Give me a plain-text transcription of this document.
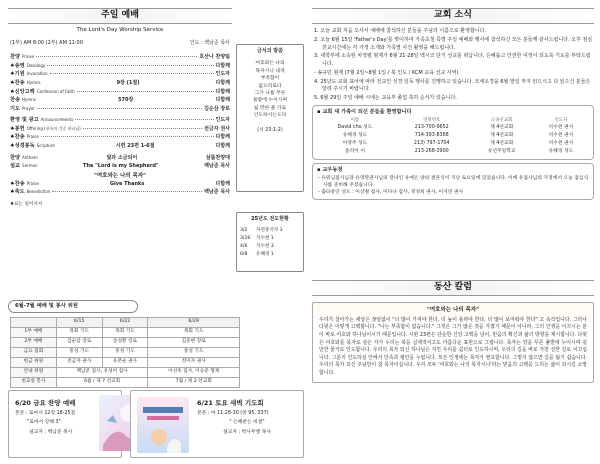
주일 예배
The Lord's Day Worship Service
(1부) AM 8:00 (2부) AM 11:00	인도 : 백남준 목사
찬양 Praise	호산나 찬양팀
♠송영 Doxology	다함께
♠기원 Invocation	인도자
♠찬송 Hymns	9장 (1절)	다함께
♠신앙고백 Confession of Faith	다함께
찬송 Hymns	570장	다함께
기도 Prayer	김순삼 장로
환영 및 광고 Announcements	인도자
♠봉헌 Offering (헌록의 간증 하나님)	전금자 권사
♠찬송 Praise	다함께
♠성경봉독 Scripture	시편 23편 1-6절	다함께
찬양 Anthem	빛과 소금되어	살롬찬양대
설교 Sermon	The "Lord is my Shepherd"	백남준 목사
"여호와는 나의 목자"
♠찬송 Praise	Give Thanks	다함께
♠축도 Benediction	백남준 목사
♠표는 일어서서
금식의 말씀
여호와는 나의
목자시니 내게
부족함이
없으리로다
그가 나를 푸른
풀밭에 누이시며
쉴 만한 물 가로
인도하시는도다
(시 23:1-2)
25년도 전도현황
3/2	자전충석자 3
3/16	석수천 1
4/6	석수천 3
6/8	유혜경 1
6월-7월 예배 및 봉사 위원
	6/15	6/22	6/29
1부 예배	목회 기도	목회 기도	목회 기도
2부 예배	김순삼 장로	송성환 장로	김준현 장로
금요 집회	통성 기도	통성 기도	통성 기도
헌금 위원	전금자 권사	유분순 권사	정미자 권사
안내 위원	백남준 집사, 유성미 집사		이선옥 집사, 이승준 형제
친교실 봉사	6월 / 제 7 선교회		7월 / 제 2 선교회
6/20 금요 찬양 예배
본문 : 로마서 12장 18-25절
"로마서 강해 3"
설교자 : 백남준 목사
6/21 토요 새벽 기도회
본문 : 마 11:28-30 (찬 95, 337)
" 은혜받는 비결"
설교자 : 박사무엘 목사
교회 소식
1. 오늘 교회 처음 오셔서 예배에 참석하신 분들을 주님의 이름으로 환영합니다.
2. 오늘 6월 15일 'Father's Day'를 맞이하여 가족초청 특별 주일 예배와 행사에 참석하신 모든 분들께 감사드립니다. 오후 점심 친교시간에는 각 가정 소개와 가족별 사진 촬영을 해드립니다.
3. 대학부에 소속된 차정렬 형제가 6월 21-28일 멕시코 단기 선교를 떠납니다. 은혜롭고 안전한 여정이 되도록 기도를 부탁드립니다.
- 송규민 형제 (7월 2일~8월 1일 / 북 인도 / KCM 교육 선교 사역)
4. 25년도 교회 표어에 따라 전교인 성경 일독 행사를 진행하고 있습니다. 모세오경을 6월 말일 까지 읽으시고 다 읽으신 분들은 알려 주시기 바랍니다.
5. 6월 29일 주일 예배 시에는 교육부 졸업 축하 순서가 있습니다.
▪ 교회 새 가족이 되신 분들을 환영합니다
이름	연락번호	소속선교회	인도자
David cho 성도	213-700-9652	제 4선교회	석수천 권사
유혜경 성도	714-393-8368	제 4선교회	석수천 권사
이영주 성도	213) 797-1704	제 4선교회	석수천 권사
올리아 이	213-268-3900	유년주일학교	유혜경 성도
▪ 교우동정
- 유워님집사님과 유영란권사님의 장녀인 유예은 양의 결혼식이 지난 토요일에 있었습니다. 이에 유집사님의 가정에서 오늘 점심식사를 준비해 주셨습니다.
- 출타중인 성도 : 이상철 집사, 이다나 집사, 정경희 권사, 이지연 권사
동산 칼럼
"여호와는 나의 목자"
우리가 살아가는 세상은 끊임없이 "더 많이 가져야 한다, 더 높이 올라야 한다, 더 많이 보여줘야 한다" 고 속삭입니다. 그러나 다윗은 이렇게 고백합니다. "나는 부족함이 없습니다." 그것은 그가 많은 것을 가졌기 때문이 아니라, 그의 인생을 이끄시는 분이 바로 여호와 하나님이시기 때문입니다. 시편 23편은 단순한 신앙 고백을 넘어, 믿음의 확신과 삶의 방향을 제시합니다. 다윗은 여호와를 목자로 삼은 자가 누리는 복을 실제적이고도 아름다운 표현으로 그립니다. 목자는 양을 푸른 풀밭에 누이시며 쉴 만한 물가로 인도합니다. 우리의 목자 되신 하나님은 지친 우리를 쉼터로 인도하시며, 우리의 길을 바로 가장 선한 길로 이끄십니다. 그분의 인도하심 안에서 만족과 평안을 누립니다. 모든 인생에는 목자가 필요합니다. 그렇지 않으면 길을 잃기 쉽습니다. 우리의 목자 되신 주님만이 참 목자이십니다. 우리 모두 '여호와는 나의 목자시니'라는 믿음의 고백을 드리는 삶이 되시길 소망합니다.
